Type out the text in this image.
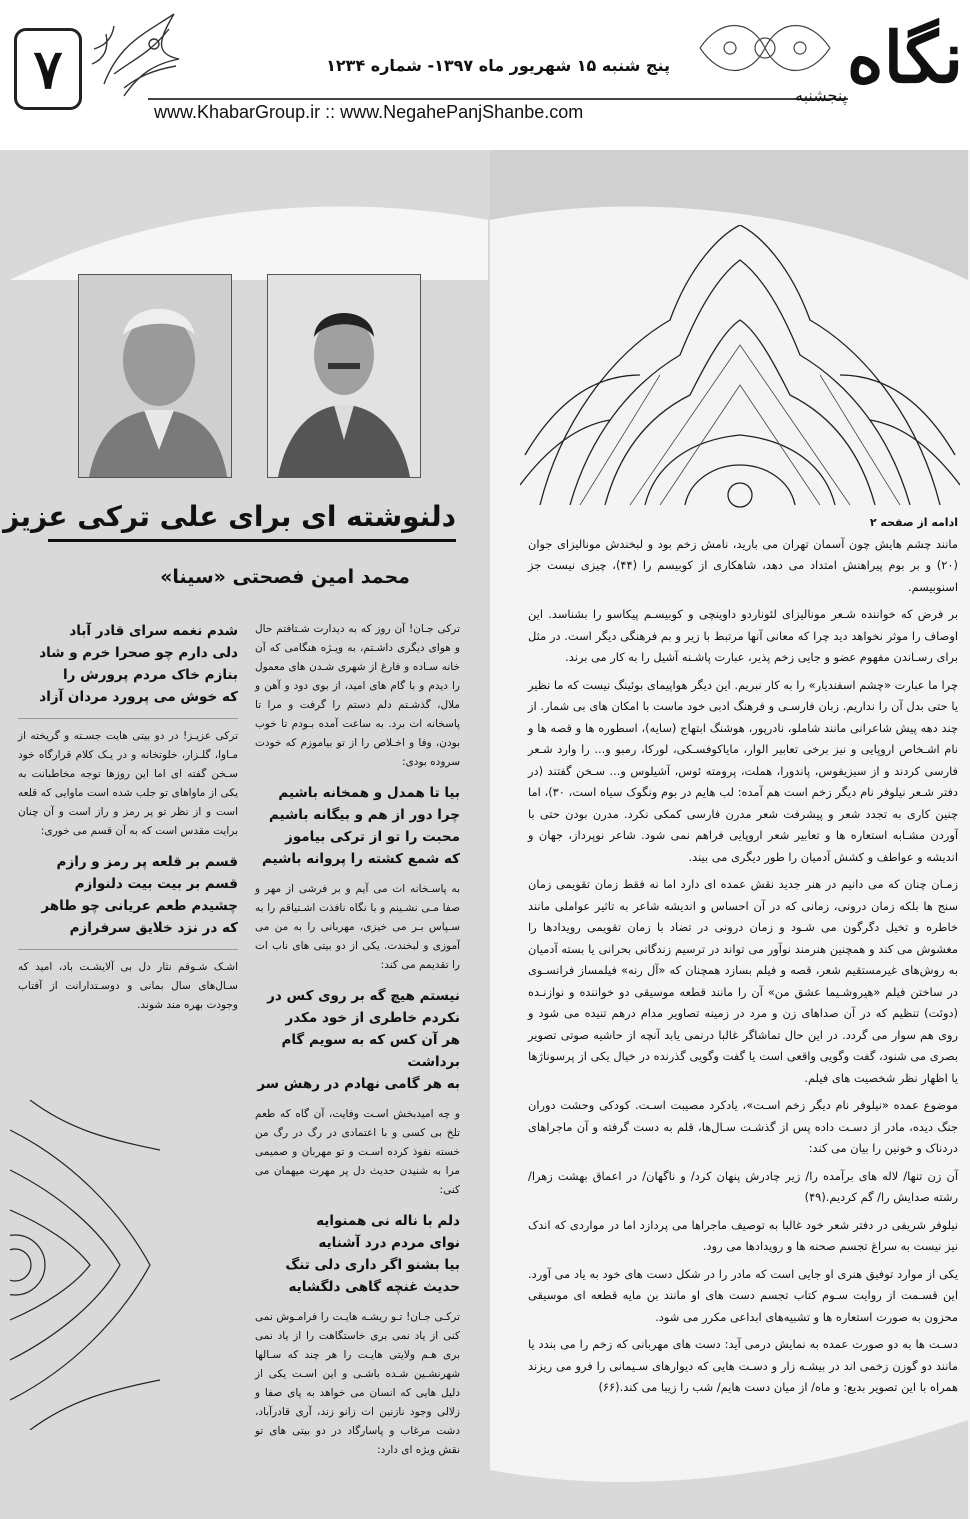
۷	پنج شنبه ۱۵ شهریور ماه ۱۳۹۷- شماره ۱۲۳۴
www.KhabarGroup.ir :: www.NegahePanjShanbe.com
نگاه
پنجشنبه
دلنوشته ای برای علی ترکی عزیز
محمد امین فصحتی «سینا»

ترکی جـان! آن روز که به دیدارت شـتافتم حال و هوای دیگری داشـتم، به ویـژه هنگامی که آن خانه سـاده و فارغ از شهری شـدن های معمول را دیدم و با گام های امید، از بوی دود و آهن و ملال، گذشـتم دلم دستم را گرفت و مرا تا پاسخانه ات برد. به ساعت آمده بـودم تا خوب بودن، وفا و اخـلاص را از تو بیاموزم که خودت سروده بودی:

بیا تا همدل و همخانه باشیم
چرا دور از هم و بیگانه باشیم
محبت را تو از ترکی بیاموز
که شمع کشته را پروانه باشیم

به پاسـخانه ات می آیم و بر فرشی از مهر و صفا مـی نشـینم و با نگاه نافذت اشـتیاقم را به سـپاس بـر می خیزی، مهربانی را به من می آموزی و لبخندت. یکی از دو بیتی های ناب ات را تقدیمم می کند:

نیستم هیچ گه بر روی کس در
نکردم خاطری از خود مکدر
هر آن کس که به سویم گام برداشت
به هر گامی نهادم در رهش سر

و چه امیدبخش اسـت وفایت، آن گاه که طعم تلخ بی کسی و با اعتمادی در رگ در رگ من خسته نفوذ کرده اسـت و تو مهربان و صمیمی مرا به شنیدن حدیث دل پر مهرت میهمان می کنی:

دلم با ناله نی همنوایه
نوای مردم درد آشنایه
بیا بشنو اگر داری دلی تنگ
حدیث غنچه گاهی دلگشایه

ترکـی جـان! تـو ریشـه هایـت را فرامـوش نمی کنی از یاد نمی بری خاستگاهت را از یاد نمی بری هـم ولایتی هایـت را هر چند که سـالها شهرنشـین شـده باشـی و این اسـت یکی از دلیل هایی که انسان می خواهد به پای صفا و زلالی وجود نازنین ات زانو زند، آری قادرآباد، دشت مرغاب و پاسارگاد در دو بیتی های تو نقش ویژه ای دارد:

شدم نغمه سرای قادر آباد
دلی دارم چو صحرا خرم و شاد
بنازم خاک مردم پرورش را
که خوش می پرورد مردان آزاد

ترکی عزیـز! در دو بیتی هایت جسـته و گریخته از مـاوا، گلـزار، خلوتخانه و در یـک کلام قرارگاه خود سـخن گفته ای اما این روزها توجه مخاطبانت به یکی از ماواهای تو جلب شده است ماوایی که قلعه است و از نظر تو پر رمز و راز است و آن چنان برایت مقدس است که به آن قسم می خوری:

قسم بر قلعه پر رمز و رازم
قسم بر بیت بیت دلنوازم
چشیدم طعم عریانی چو طاهر
که در نزد خلایق سرفرازم

اشـک شـوقم نثار دل بی آلایشـت باد، امید که سـال‌های سال بمانی و دوسـتدارانت از آفتاب وجودت بهره مند شوند.

ادامه از صفحه ۲

مانند چشم هایش چون آسمان تهران می بارید، نامش زخم بود و لبخندش مونالیزای جوان (۲۰) و بر بوم پیراهنش امتداد می دهد، شاهکاری از کوبیسم را (۴۴)، چیزی نیست جز اسنوبیسم.

بر فرض که خواننده شـعر مونالیزای لئوناردو داوینچی و کوبیسـم پیکاسو را بشناسد. این اوصاف را موثر نخواهد دید چرا که معانی آنها مرتبط با زیر و بم فرهنگی دیگر است. در مثل برای رسـاندن مفهوم عضو و جایی زخم پذیر، عبارت پاشـنه آشیل را به کار می برند.

چرا ما عبارت «چشم اسفندیار» را به کار نبریم. این دیگر هواپیمای بوئینگ نیست که ما نظیر یا حتی بدل آن را نداریم. زبان فارسـی و فرهنگ ادبی خود ماست با امکان های بی شمار. از چند دهه پیش شاعرانی مانند شاملو، نادرپور، هوشنگ ابتهاج (سایه)، اسطوره ها و قصه ها و نام اشـخاص اروپایی و نیز برخی تعابیر الوار، مایاکوفسـکی، لورکا، رمبو و... را وارد شـعر فارسی کردند و از سیزیفوس، پاندورا، هملت، پرومته ئوس، آشیلوس و... سـخن گفتند (در دفتر شـعر نیلوفر نام دیگر زخم است هم آمده: لب هایم در بوم ونگوک سیاه است، ۳۰)، اما چنین کاری به تجدد شعر و پیشرفت شعر مدرن فارسی کمکی نکرد. مدرن بودن حتی با آوردن مشـابه استعاره ها و تعابیر شعر اروپایی فراهم نمی شود. شاعر نوپرداز، جهان و اندیشه و عواطف و کشش آدمیان را طور دیگری می بیند.

زمـان چنان که می دانیم در هنر جدید نقش عمده ای دارد اما نه فقط زمان تقویمی زمان سنج ها بلکه زمان درونی، زمانی که در آن احساس و اندیشه شاعر به تاثیر عواملی مانند خاطره و تخیل دگرگون می شـود و زمان درونی در تضاد با زمان تقویمی رویدادها را مغشوش می کند و همچنین هنرمند نوآور می تواند در ترسیم زندگانی بحرانی یا بسته آدمیان به روش‌های غیرمستقیم شعر، قصه و فیلم بسازد همچنان که «آل رنه» فیلمساز فرانسـوی در ساختن فیلم «هیروشـیما عشق من» آن را مانند قطعه موسیقی دو خواننده و نوازنـده (دوئت) تنظیم که در آن صداهای زن و مرد در زمینه تصاویر مدام درهم تنیده می شود و روی هم سوار می گردد. در این حال تماشاگر غالبا درنمی یابد آنچه از حاشیه صوتی تصویر بصری می شنود، گفت وگویی واقعی است یا گفت وگویی گذرنده در خیال یکی از پرسوناژها یا اظهار نظر شخصیت های فیلم.

موضوع عمده «نیلوفر نام دیگر زخم اسـت»، یادکرد مصیبت اسـت. کودکی وحشت دوران جنگ دیده، مادر از دسـت داده پس از گذشـت سـال‌ها، قلم به دست گرفته و آن ماجراهای دردناک و خونین را بیان می کند:

آن زن تنها/ لاله های برآمده را/ زیر چادرش پنهان کرد/ و ناگهان/ در اعماق بهشت زهرا/ رشته صدایش را/ گم کردیم.(۴۹)

نیلوفر شریفی در دفتر شعر خود غالبا به توصیف ماجراها می پردازد اما در مواردی که اندک نیز نیست به سراغ تجسم صحنه ها و رویدادها می رود.

یکی از موارد توفیق هنری او جایی است که مادر را در شکل دست های خود به یاد می آورد. این قسـمت از روایت سـوم کتاب تجسم دست های او مانند بن مایه قطعه ای موسیقی محزون به صورت استعاره ها و تشبیه‌های ابداعی مکرر می شود.

دسـت ها به دو صورت عمده به نمایش درمی آید: دست های مهربانی که زخم را می بندد یا مانند دو گوزن زخمی اند در بیشـه زار و دسـت هایی که دیوارهای سـیمانی را فرو می ریزند همراه با این تصویر بدیع: و ماه/ از میان دست هایم/ شب را زیبا می کند.(۶۶)
